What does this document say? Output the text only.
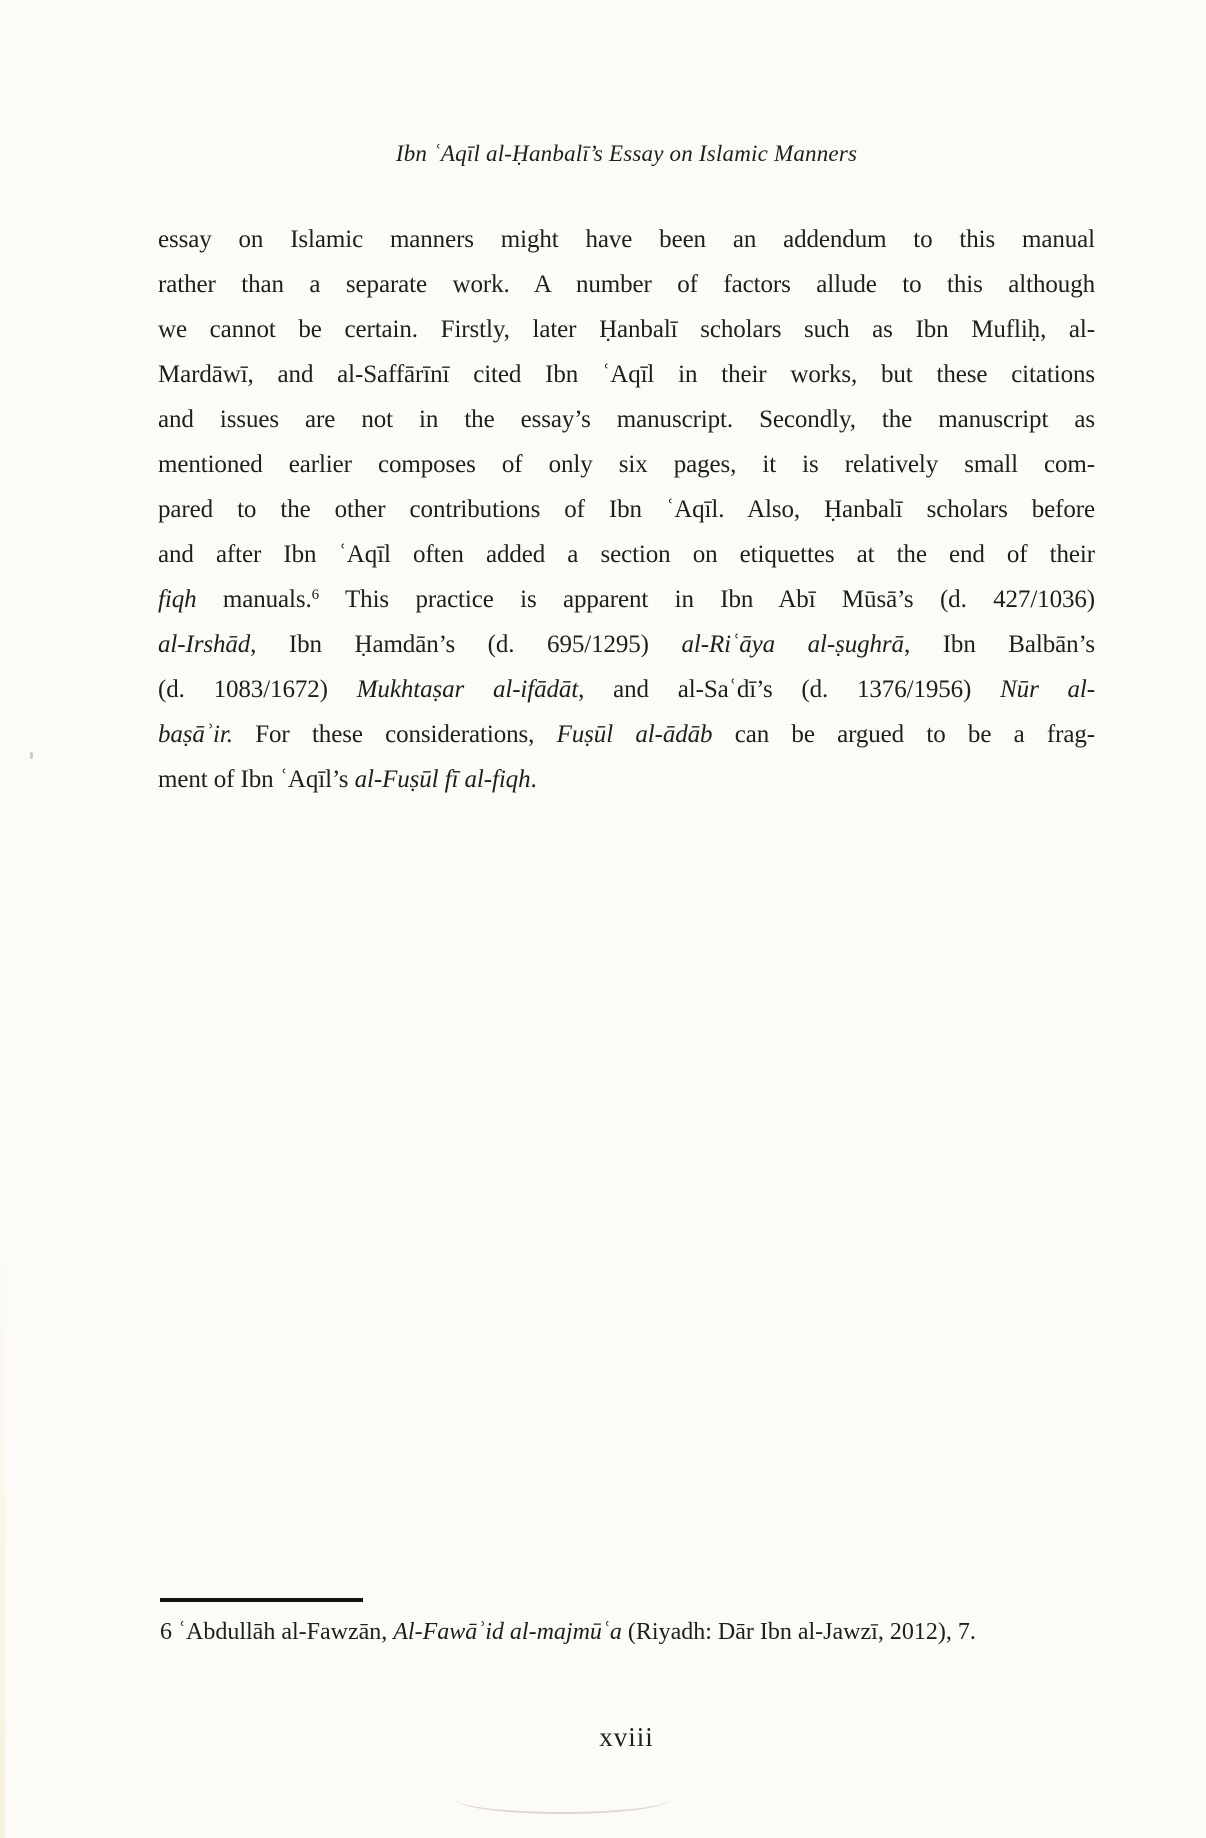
Ibn ʿAqīl al-Ḥanbalī’s Essay on Islamic Manners
essay on Islamic manners might have been an addendum to this manual
rather than a separate work. A number of factors allude to this although
we cannot be certain. Firstly, later Ḥanbalī scholars such as Ibn Mufliḥ, al-
Mardāwī, and al-Saffārīnī cited Ibn ʿAqīl in their works, but these citations
and issues are not in the essay’s manuscript. Secondly, the manuscript as
mentioned earlier composes of only six pages, it is relatively small com-
pared to the other contributions of Ibn ʿAqīl. Also, Ḥanbalī scholars before
and after Ibn ʿAqīl often added a section on etiquettes at the end of their
fiqh manuals.$^6$ This practice is apparent in Ibn Abī Mūsā’s (d. 427/1036)
al-Irshād, Ibn Ḥamdān’s (d. 695/1295) al-Riʿāya al-ṣughrā, Ibn Balbān’s
(d. 1083/1672) Mukhtaṣar al-ifādāt, and al-Saʿdī’s (d. 1376/1956) Nūr al-
baṣāʾir. For these considerations, Fuṣūl al-ādāb can be argued to be a frag-
ment of Ibn ʿAqīl’s al-Fuṣūl fī al-fiqh.
6 ʿAbdullāh al-Fawzān, Al-Fawāʾid al-majmūʿa (Riyadh: Dār Ibn al-Jawzī, 2012), 7.
xviii
